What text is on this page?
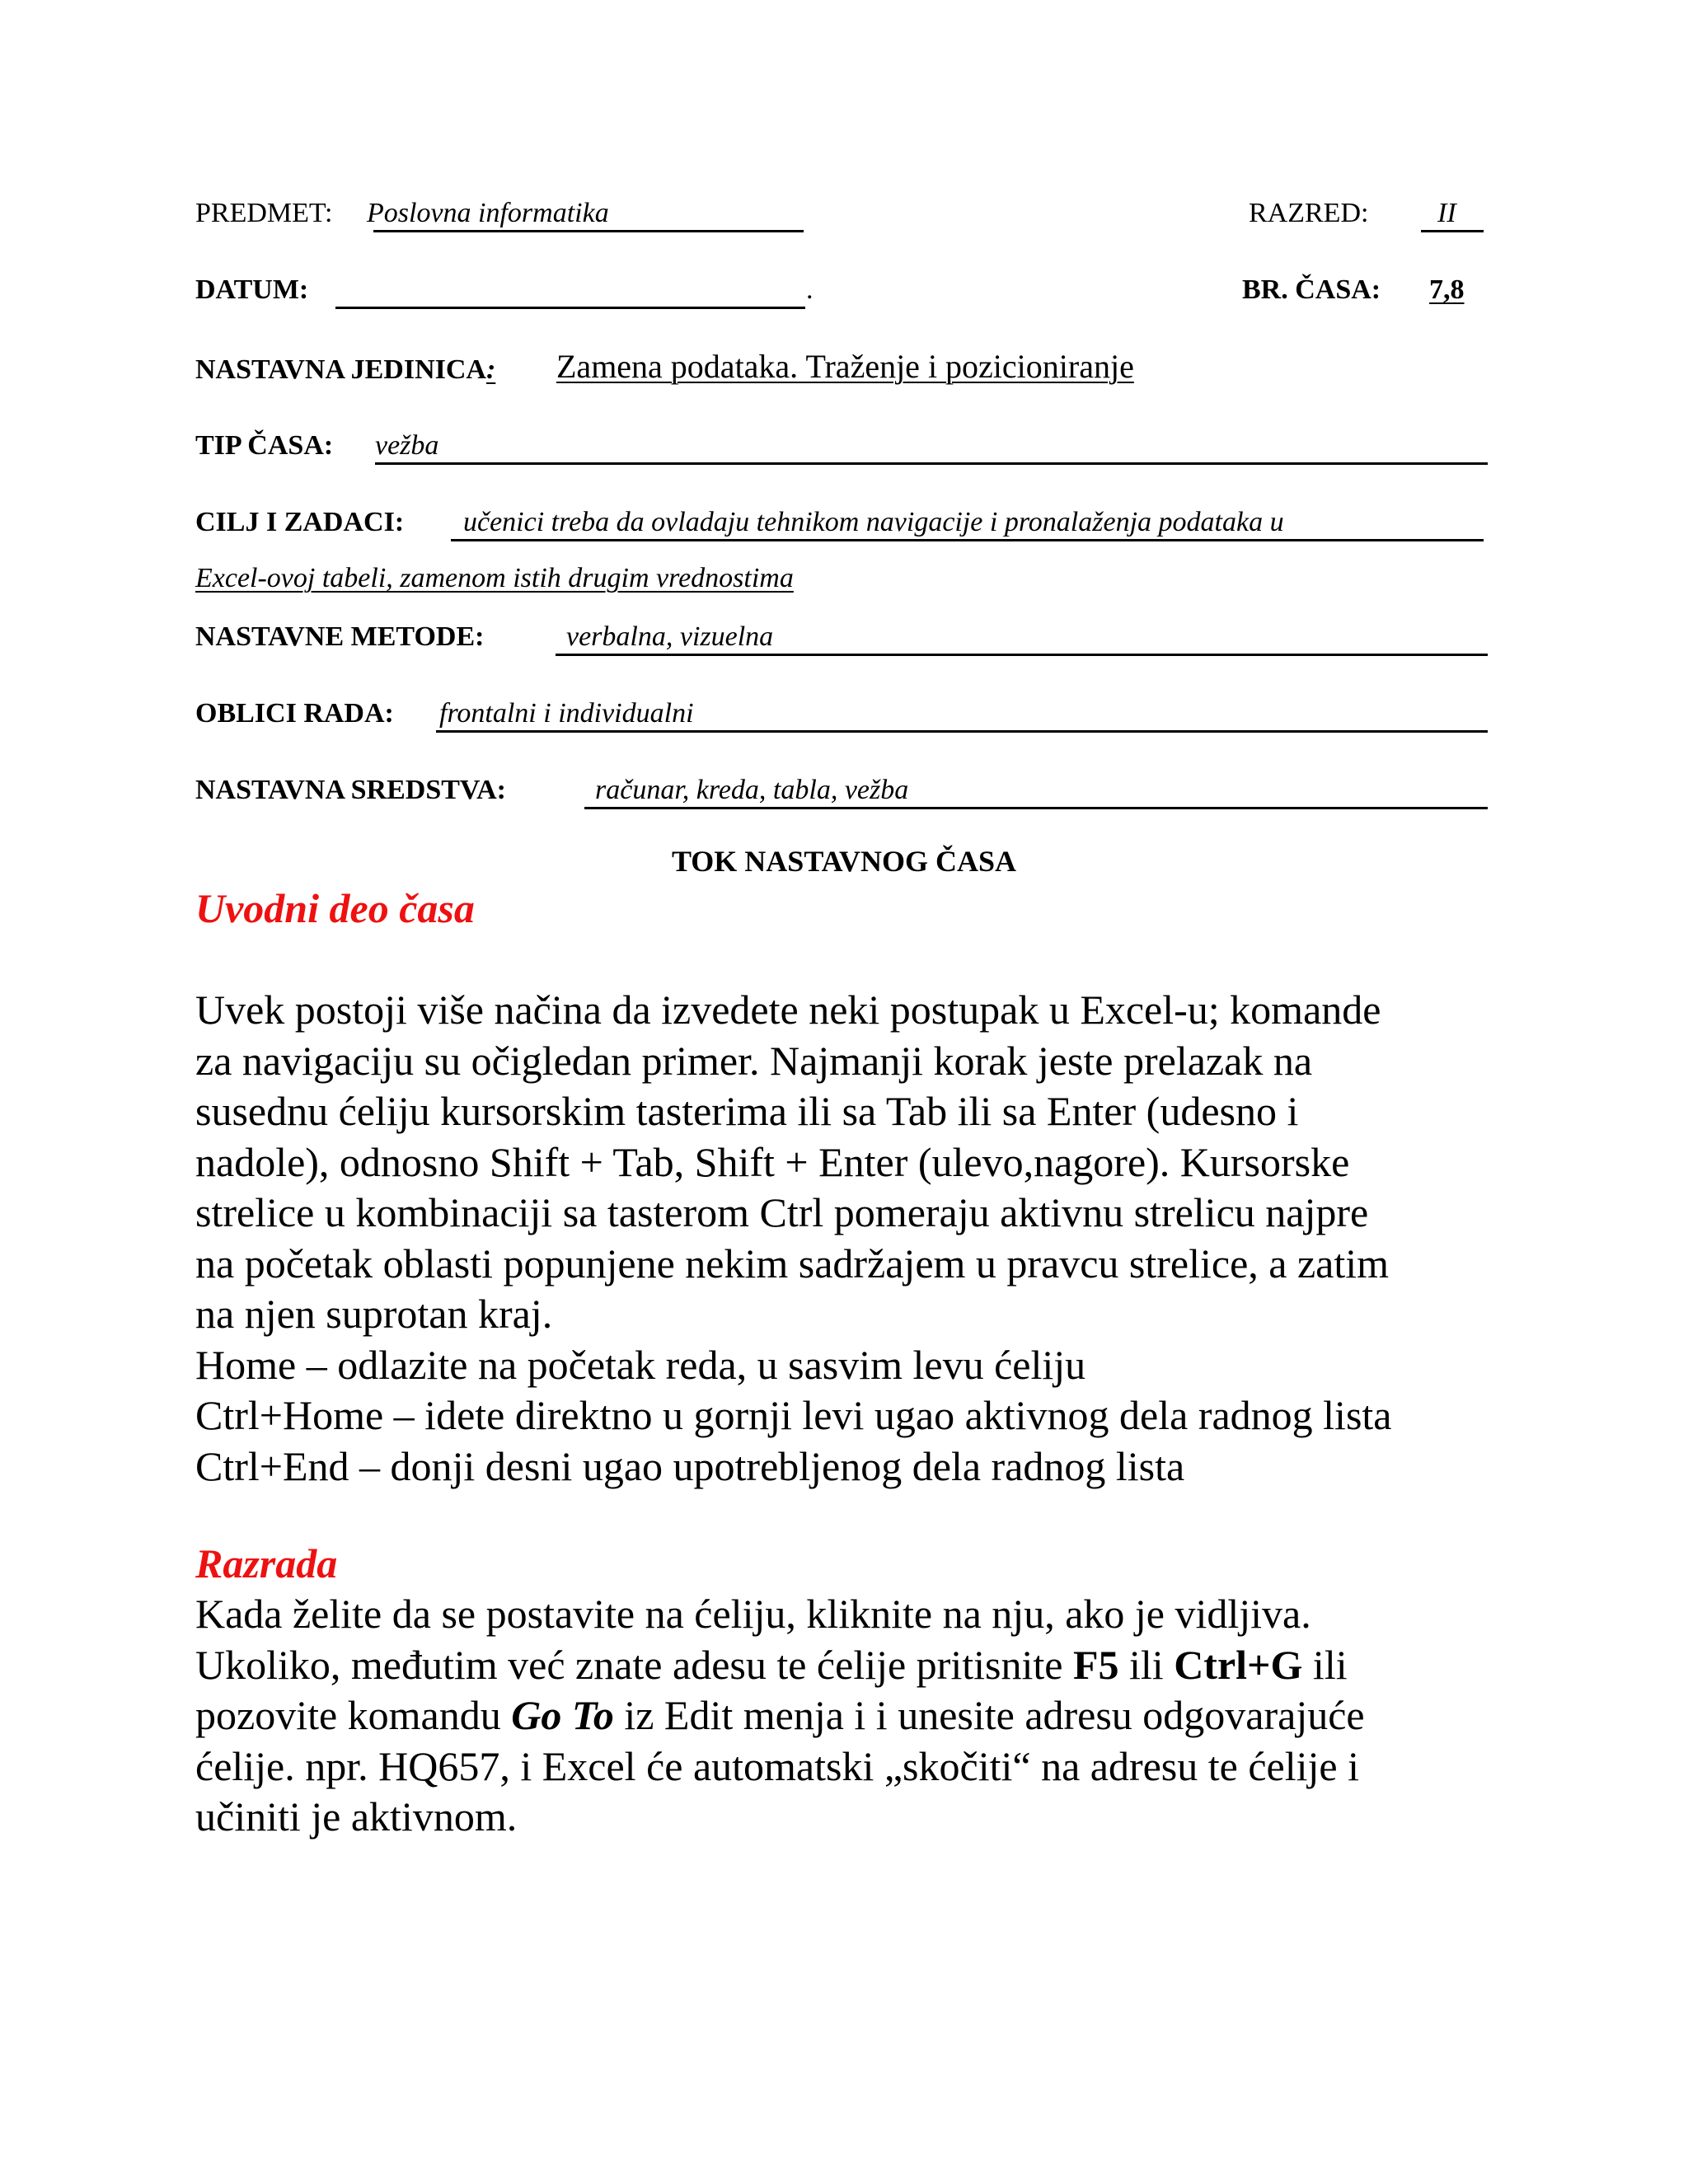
PREDMET: Poslovna informatika	RAZRED: II
DATUM:	.	BR. ČASA: 7,8
NASTAVNA JEDINICA: Zamena podataka. Traženje i pozicioniranje
TIP ČASA: vežba
CILJ I ZADACI: učenici treba da ovladaju tehnikom navigacije i pronalaženja podataka u
Excel-ovoj tabeli, zamenom istih drugim vrednostima
NASTAVNE METODE:	verbalna, vizuelna
OBLICI RADA: frontalni i individualni
NASTAVNA SREDSTVA:	računar, kreda, tabla, vežba
TOK NASTAVNOG ČASA
Uvodni deo časa

Uvek postoji više načina da izvedete neki postupak u Excel-u; komande

za navigaciju su očigledan primer. Najmanji korak jeste prelazak na

susednu ćeliju kursorskim tasterima ili sa Tab ili sa Enter (udesno i

nadole), odnosno Shift + Tab, Shift + Enter (ulevo,nagore). Kursorske

strelice u kombinaciji sa tasterom Ctrl pomeraju aktivnu strelicu najpre

na početak oblasti popunjene nekim sadržajem u pravcu strelice, a zatim

na njen suprotan kraj.

Home – odlazite na početak reda, u sasvim levu ćeliju

Ctrl+Home – idete direktno u gornji levi ugao aktivnog dela radnog lista

Ctrl+End – donji desni ugao upotrebljenog dela radnog lista

Razrada

Kada želite da se postavite na ćeliju, kliknite na nju, ako je vidljiva.

Ukoliko, međutim već znate adesu te ćelije pritisnite F5 ili Ctrl+G ili

pozovite komandu Go To iz Edit menja i i unesite adresu odgovarajuće

ćelije. npr. HQ657, i Excel će automatski „skočiti“ na adresu te ćelije i

učiniti je aktivnom.
